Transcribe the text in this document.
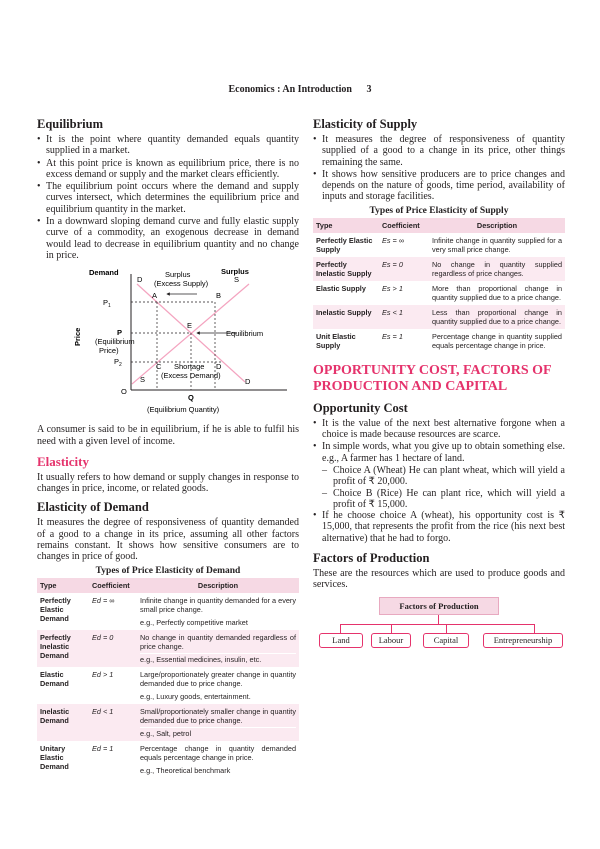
Economics : An Introduction 3
Equilibrium
• It is the point where quantity demanded equals quantity supplied in a market.
• At this point price is known as equilibrium price, there is no excess demand or supply and the market clears efficiently.
• The equilibrium point occurs where the demand and supply curves intersect, which determines the equilibrium price and equilibrium quantity in the market.
• In a downward sloping demand curve and fully elastic supply curve of a commodity, an exogenous decrease in demand would lead to decrease in equilibrium quantity and no change in price.
Demand	Surplus
Surplus
(Excess Supply)
D	S
A	B
E
Equilibrium
$P_1$
P
(Equilibrium
Price)
$P_2$
Price
C	D
Shortage
(Excess Demand)
S	D
O
Q
(Equilibrium Quantity)

A consumer is said to be in equilibrium, if he is able to fulfil his need with a given level of income.

Elasticity

It usually refers to how demand or supply changes in response to changes in price, income, or related goods.

Elasticity of Demand

It measures the degree of responsiveness of quantity demanded of a good to a change in its price, assuming all other factors remains constant. It shows how sensitive consumers are to changes in price of good.

Types of Price Elasticity of Demand
Type	Coefficient	Description
Perfectly Elastic Demand	Ed = ∞	Infinite change in quantity demanded for a every small price change.
e.g., Perfectly competitive market

Perfectly Inelastic Demand	Ed = 0	No change in quantity demanded regardless of price change.
e.g., Essential medicines, insulin, etc.

Elastic Demand	Ed > 1	Large/proportionately greater change in quantity demanded due to price change.
e.g., Luxury goods, entertainment.

Inelastic Demand	Ed < 1	Small/proportionately smaller change in quantity demanded due to price change.
e.g., Salt, petrol

Unitary Elastic Demand	Ed = 1	Percentage change in quantity demanded equals percentage change in price.
e.g., Theoretical benchmark
Elasticity of Supply
• It measures the degree of responsiveness of quantity supplied of a good to a change in its price, other things remaining the same.
• It shows how sensitive producers are to price changes and depends on the nature of goods, time period, availability of inputs and storage facilities.
Types of Price Elasticity of Supply
Type	Coefficient	Description
Perfectly Elastic Supply	Es = ∞	Infinite change in quantity supplied for a very small price change.
Perfectly Inelastic Supply	Es = 0	No change in quantity supplied regardless of price changes.
Elastic Supply	Es > 1	More than proportional change in quantity supplied due to a price change.
Inelastic Supply	Es < 1	Less than proportional change in quantity supplied due to a price change.
Unit Elastic Supply	Es = 1	Percentage change in quantity supplied equals percentage change in price.
OPPORTUNITY COST, FACTORS OF PRODUCTION AND CAPITAL
Opportunity Cost
• It is the value of the next best alternative forgone when a choice is made because resources are scarce.
• In simple words, what you give up to obtain something else. e.g., A farmer has 1 hectare of land.
– Choice A (Wheat) He can plant wheat, which will yield a profit of ₹ 20,000.
– Choice B (Rice) He can plant rice, which will yield a profit of ₹ 15,000.
• If he choose choice A (wheat), his opportunity cost is ₹ 15,000, that represents the profit from the rice (his next best alternative) that he had to forgo.
Factors of Production

These are the resources which are used to produce goods and services.

Factors of Production
Land	Labour	Capital	Entrepreneurship
